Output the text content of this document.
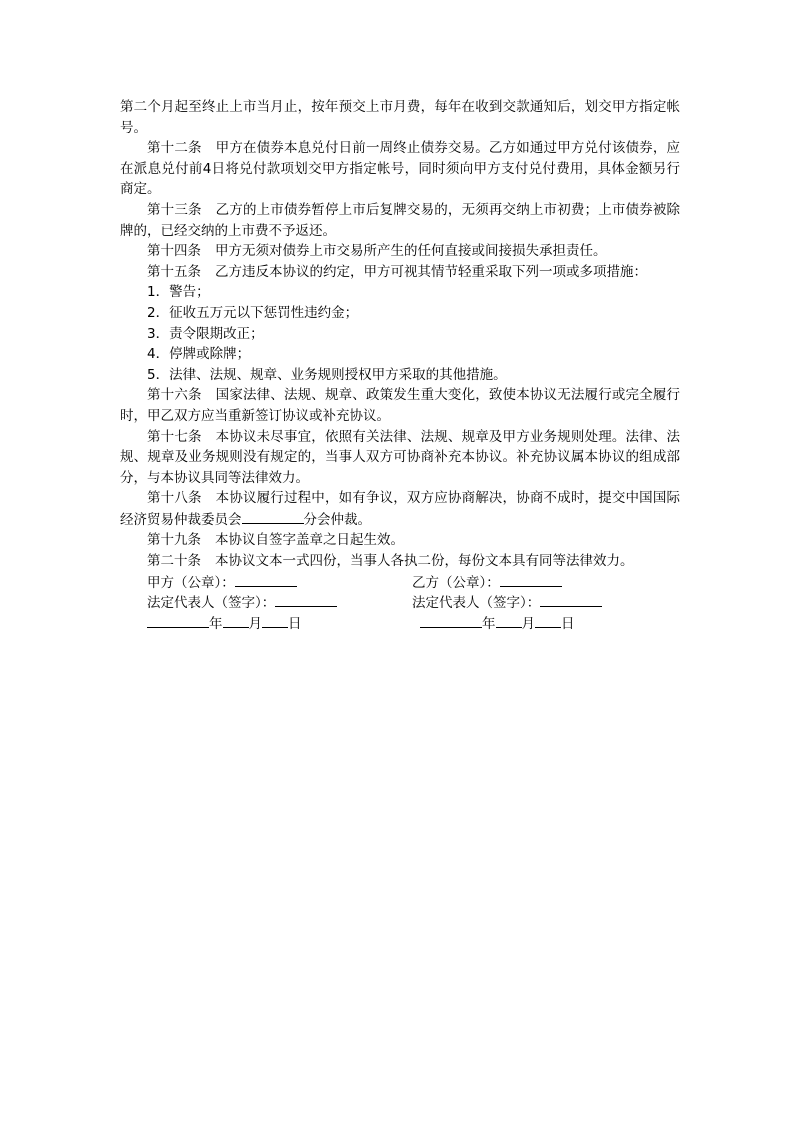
第二个月起至终止上市当月止，按年预交上市月费，每年在收到交款通知后，划交甲方指定帐号。

第十二条 甲方在债券本息兑付日前一周终止债券交易。乙方如通过甲方兑付该债券，应在派息兑付前4日将兑付款项划交甲方指定帐号，同时须向甲方支付兑付费用，具体金额另行商定。

第十三条 乙方的上市债券暂停上市后复牌交易的，无须再交纳上市初费；上市债券被除牌的，已经交纳的上市费不予返还。

第十四条 甲方无须对债券上市交易所产生的任何直接或间接损失承担责任。

第十五条 乙方违反本协议的约定，甲方可视其情节轻重采取下列一项或多项措施：

1．警告；

2．征收五万元以下惩罚性违约金；

3．责令限期改正；

4．停牌或除牌；

5．法律、法规、规章、业务规则授权甲方采取的其他措施。

第十六条 国家法律、法规、规章、政策发生重大变化，致使本协议无法履行或完全履行时，甲乙双方应当重新签订协议或补充协议。

第十七条 本协议未尽事宜，依照有关法律、法规、规章及甲方业务规则处理。法律、法规、规章及业务规则没有规定的，当事人双方可协商补充本协议。补充协议属本协议的组成部分，与本协议具同等法律效力。

第十八条 本协议履行过程中，如有争议，双方应协商解决，协商不成时，提交中国国际经济贸易仲裁委员会	分会仲裁。

第十九条 本协议自签字盖章之日起生效。

第二十条 本协议文本一式四份，当事人各执二份，每份文本具有同等法律效力。

甲方（公章）：	乙方（公章）：
法定代表人（签字）：	法定代表人（签字）：
年 月 日	年 月 日
